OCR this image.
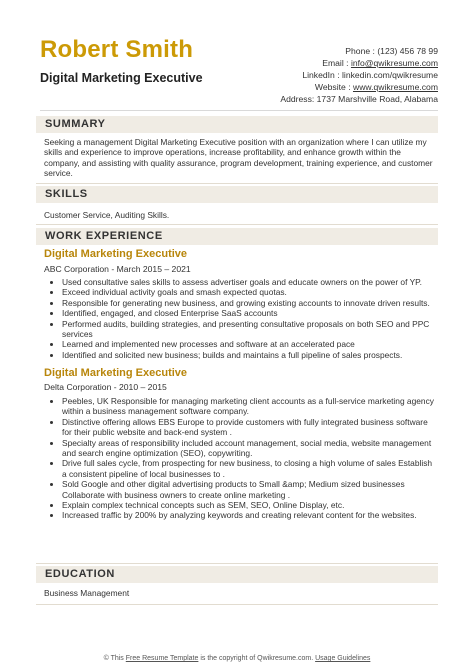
Robert Smith
Digital Marketing Executive
Phone : (123) 456 78 99
Email : info@qwikresume.com
LinkedIn : linkedin.com/qwikresume
Website : www.qwikresume.com
Address: 1737 Marshville Road, Alabama
SUMMARY
Seeking a management Digital Marketing Executive position with an organization where I can utilize my skills and experience to improve operations, increase profitability, and enhance growth within the company, and assisting with quality assurance, program development, training experience, and customer service.
SKILLS
Customer Service, Auditing Skills.
WORK EXPERIENCE
Digital Marketing Executive
ABC Corporation - March 2015 – 2021
• Used consultative sales skills to assess advertiser goals and educate owners on the power of YP.
• Exceed individual activity goals and smash expected quotas.
• Responsible for generating new business, and growing existing accounts to innovate driven results.
• Identified, engaged, and closed Enterprise SaaS accounts
• Performed audits, building strategies, and presenting consultative proposals on both SEO and PPC services
• Learned and implemented new processes and software at an accelerated pace
• Identified and solicited new business; builds and maintains a full pipeline of sales prospects.
Digital Marketing Executive
Delta Corporation - 2010 – 2015
• Peebles, UK Responsible for managing marketing client accounts as a full-service marketing agency within a business management software company.
• Distinctive offering allows EBS Europe to provide customers with fully integrated business software for their public website and back-end system .
• Specialty areas of responsibility included account management, social media, website management and search engine optimization (SEO), copywriting.
• Drive full sales cycle, from prospecting for new business, to closing a high volume of sales Establish a consistent pipeline of local businesses to .
• Sold Google and other digital advertising products to Small &amp; Medium sized businesses Collaborate with business owners to create online marketing .
• Explain complex technical concepts such as SEM, SEO, Online Display, etc.
• Increased traffic by 200% by analyzing keywords and creating relevant content for the websites.
EDUCATION
Business Management
© This Free Resume Template is the copyright of Qwikresume.com. Usage Guidelines
